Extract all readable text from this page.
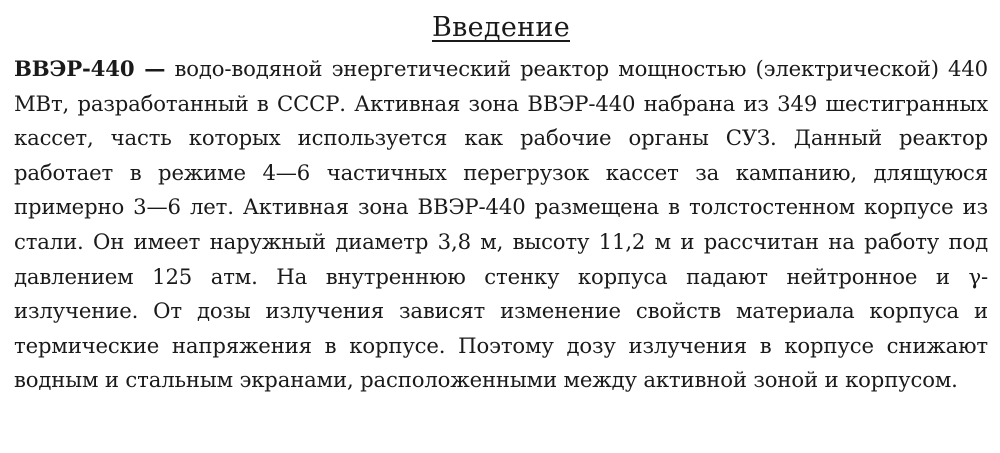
Введение

ВВЭР-440 — водо-водяной энергетический реактор мощностью (электрической) 440 МВт, разработанный в СССР. Активная зона ВВЭР-440 набрана из 349 шестигранных кассет, часть которых используется как рабочие органы СУЗ. Данный реактор работает в режиме 4—6 частичных перегрузок кассет за кампанию, длящуюся примерно 3—6 лет. Активная зона ВВЭР-440 размещена в толстостенном корпусе из стали. Он имеет наружный диаметр 3,8 м, высоту 11,2 м и рассчитан на работу под давлением 125 атм. На внутреннюю стенку корпуса падают нейтронное и γ-излучение. От дозы излучения зависят изменение свойств материала корпуса и термические напряжения в корпусе. Поэтому дозу излучения в корпусе снижают водным и стальным экранами, расположенными между активной зоной и корпусом.
